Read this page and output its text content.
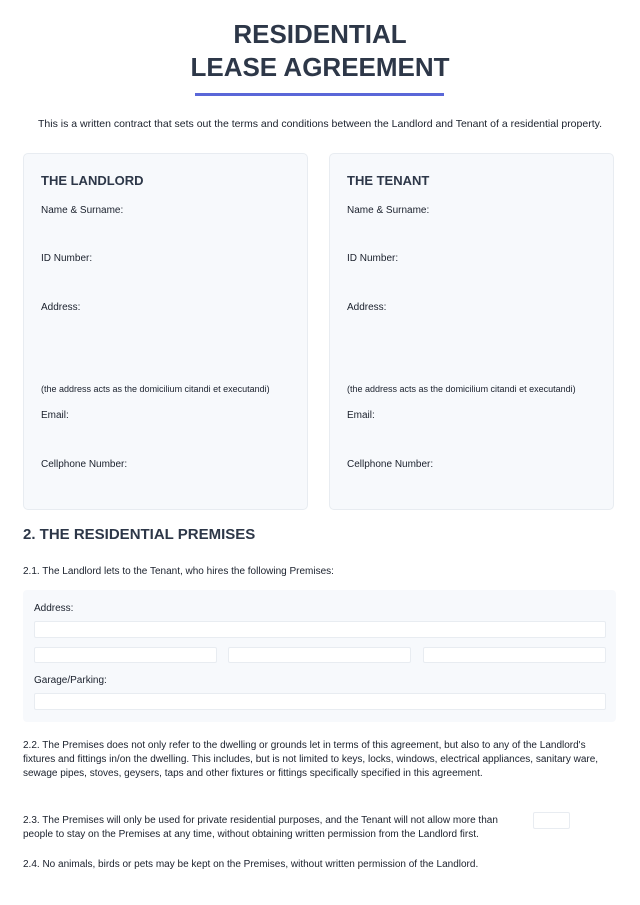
RESIDENTIAL
LEASE AGREEMENT
This is a written contract that sets out the terms and conditions between the Landlord and Tenant of a residential property.
THE LANDLORD
Name & Surname:
ID Number:
Address:
(the address acts as the domicilium citandi et executandi)
Email:
Cellphone Number:
THE TENANT
Name & Surname:
ID Number:
Address:
(the address acts as the domicilium citandi et executandi)
Email:
Cellphone Number:
2. THE RESIDENTIAL PREMISES
2.1. The Landlord lets to the Tenant, who hires the following Premises:
Address:
Garage/Parking:
2.2. The Premises does not only refer to the dwelling or grounds let in terms of this agreement, but also to any of the Landlord's fixtures and fittings in/on the dwelling. This includes, but is not limited to keys, locks, windows, electrical appliances, sanitary ware, sewage pipes, stoves, geysers, taps and other fixtures or fittings specifically specified in this agreement.
2.3. The Premises will only be used for private residential purposes, and the Tenant will not allow more than
people to stay on the Premises at any time, without obtaining written permission from the Landlord first.
2.4. No animals, birds or pets may be kept on the Premises, without written permission of the Landlord.
